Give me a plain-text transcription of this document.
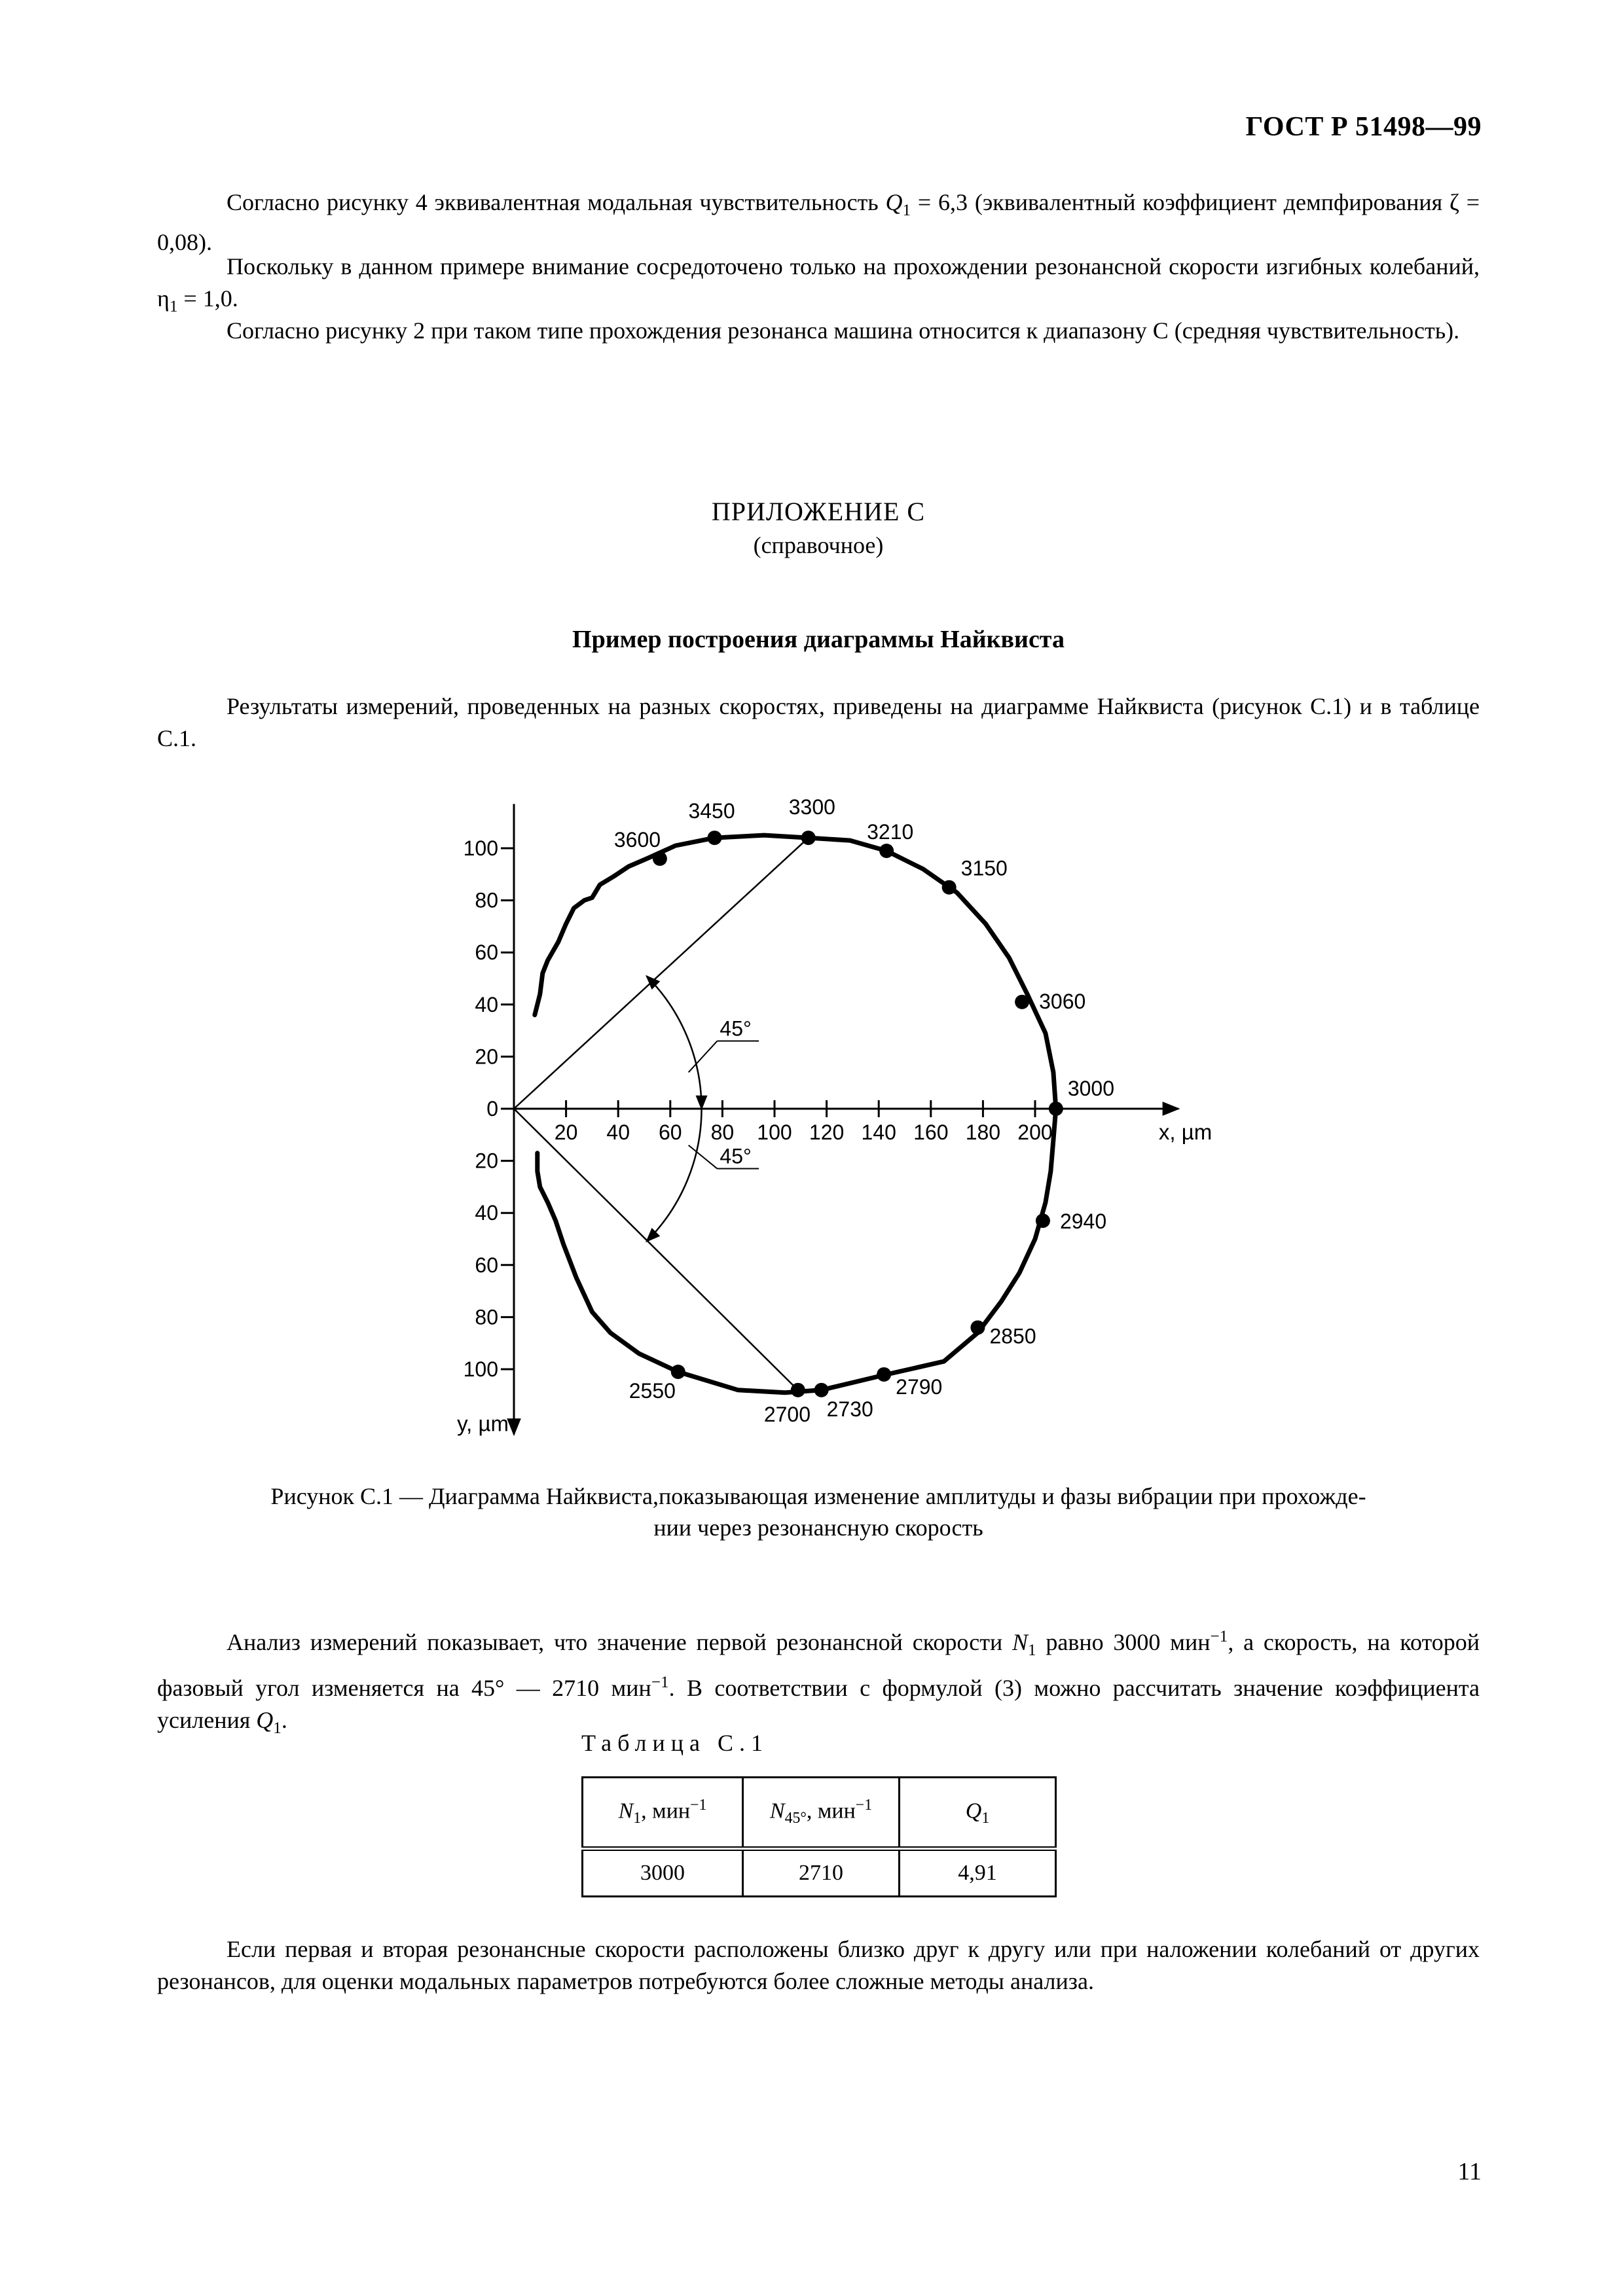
ГОСТ Р 51498—99
Согласно рисунку 4 эквивалентная модальная чувствительность $Q_1 = 6,3$ (эквивалентный коэффициент демпфирования ζ = 0,08).
Поскольку в данном примере внимание сосредоточено только на прохождении резонансной скорости изгибных колебаний, $\eta_1 = 1,0$.
Согласно рисунку 2 при таком типе прохождения резонанса машина относится к диапазону С (средняя чувствительность).
ПРИЛОЖЕНИЕ С
(справочное)
Пример построения диаграммы Найквиста
Результаты измерений, проведенных на разных скоростях, приведены на диаграмме Найквиста (рисунок С.1) и в таблице С.1.
20 40 60 80 100 120 140 160 180 200
20
40
60
80
100
20
40
60
80
100
0
x, µm
y, µm
45°
45°
3600
3450	3300
3210
3150
3060
3000
2940
2850
2790
2730
2700
2550
Рисунок С.1 — Диаграмма Найквиста,показывающая изменение амплитуды и фазы вибрации при прохожде-
нии через резонансную скорость
Анализ измерений показывает, что значение первой резонансной скорости $N_1$ равно 3000 мин$^{-1}$, а скорость, на которой фазовый угол изменяется на 45° — 2710 мин$^{-1}$. В соответствии с формулой (3) можно рассчитать значение коэффициента усиления $Q_1$.
Таблица С.1
$N_1$, мин$^{-1}$	$N_{45^\circ}$, мин$^{-1}$	$Q_1$
3000	2710	4,91
Если первая и вторая резонансные скорости расположены близко друг к другу или при наложении колебаний от других резонансов, для оценки модальных параметров потребуются более сложные методы анализа.
11
